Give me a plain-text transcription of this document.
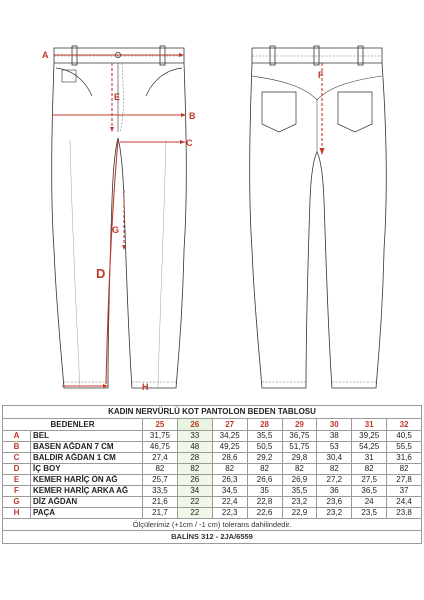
A
B
C
D
E
G
H
F
KADIN NERVÜRLÜ KOT PANTOLON BEDEN TABLOSU									
BEDENLER		25	26	27	28	29	30	31	32
A	BEL	31,75	33	34,25	35,5	36,75	38	39,25	40,5
B	BASEN AĞDAN 7 CM	46,75	48	49,25	50,5	51,75	53	54,25	55,5
C	BALDIR AĞDAN 1 CM	27,4	28	28,6	29,2	29,8	30,4	31	31,6
D	İÇ BOY	82	82	82	82	82	82	82	82
E	KEMER HARİÇ ÖN AĞ	25,7	26	26,3	26,6	26,9	27,2	27,5	27,8
F	KEMER HARİÇ ARKA AĞ	33,5	34	34,5	35	35,5	36	36,5	37
G	DİZ AĞDAN	21,6	22	22,4	22,8	23,2	23,6	24	24,4
H	PAÇA	21,7	22	22,3	22,6	22,9	23,2	23,5	23,8
Ölçülerimiz (+1cm / -1 cm) tolerans dahilindedir.
BALİNS 312 - 2JA/6559
